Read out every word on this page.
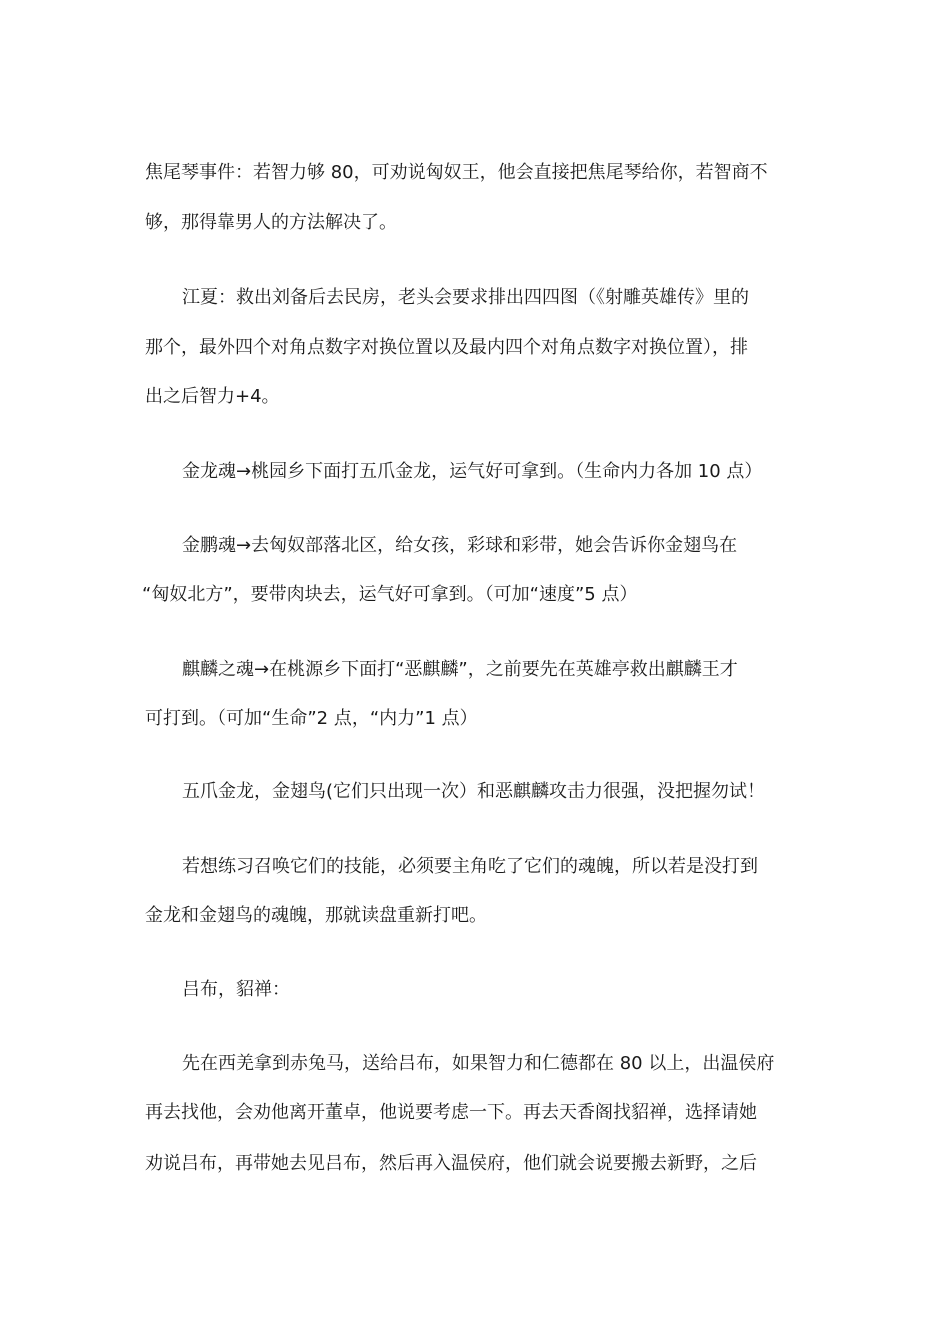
焦尾琴事件：若智力够 80，可劝说匈奴王，他会直接把焦尾琴给你，若智商不
够，那得靠男人的方法解决了。
江夏：救出刘备后去民房，老头会要求排出四四图（《射雕英雄传》里的
那个，最外四个对角点数字对换位置以及最内四个对角点数字对换位置），排
出之后智力+4。
金龙魂→桃园乡下面打五爪金龙，运气好可拿到。（生命内力各加 10 点）
金鹏魂→去匈奴部落北区，给女孩，彩球和彩带，她会告诉你金翅鸟在
“匈奴北方”，要带肉块去，运气好可拿到。（可加“速度”5 点）
麒麟之魂→在桃源乡下面打“恶麒麟”，之前要先在英雄亭救出麒麟王才
可打到。（可加“生命”2 点，“内力”1 点）
五爪金龙，金翅鸟(它们只出现一次）和恶麒麟攻击力很强，没把握勿试！
若想练习召唤它们的技能，必须要主角吃了它们的魂魄，所以若是没打到
金龙和金翅鸟的魂魄，那就读盘重新打吧。
吕布，貂禅：
先在西羌拿到赤兔马，送给吕布，如果智力和仁德都在 80 以上，出温侯府
再去找他，会劝他离开董卓，他说要考虑一下。再去天香阁找貂禅，选择请她
劝说吕布，再带她去见吕布，然后再入温侯府，他们就会说要搬去新野，之后
